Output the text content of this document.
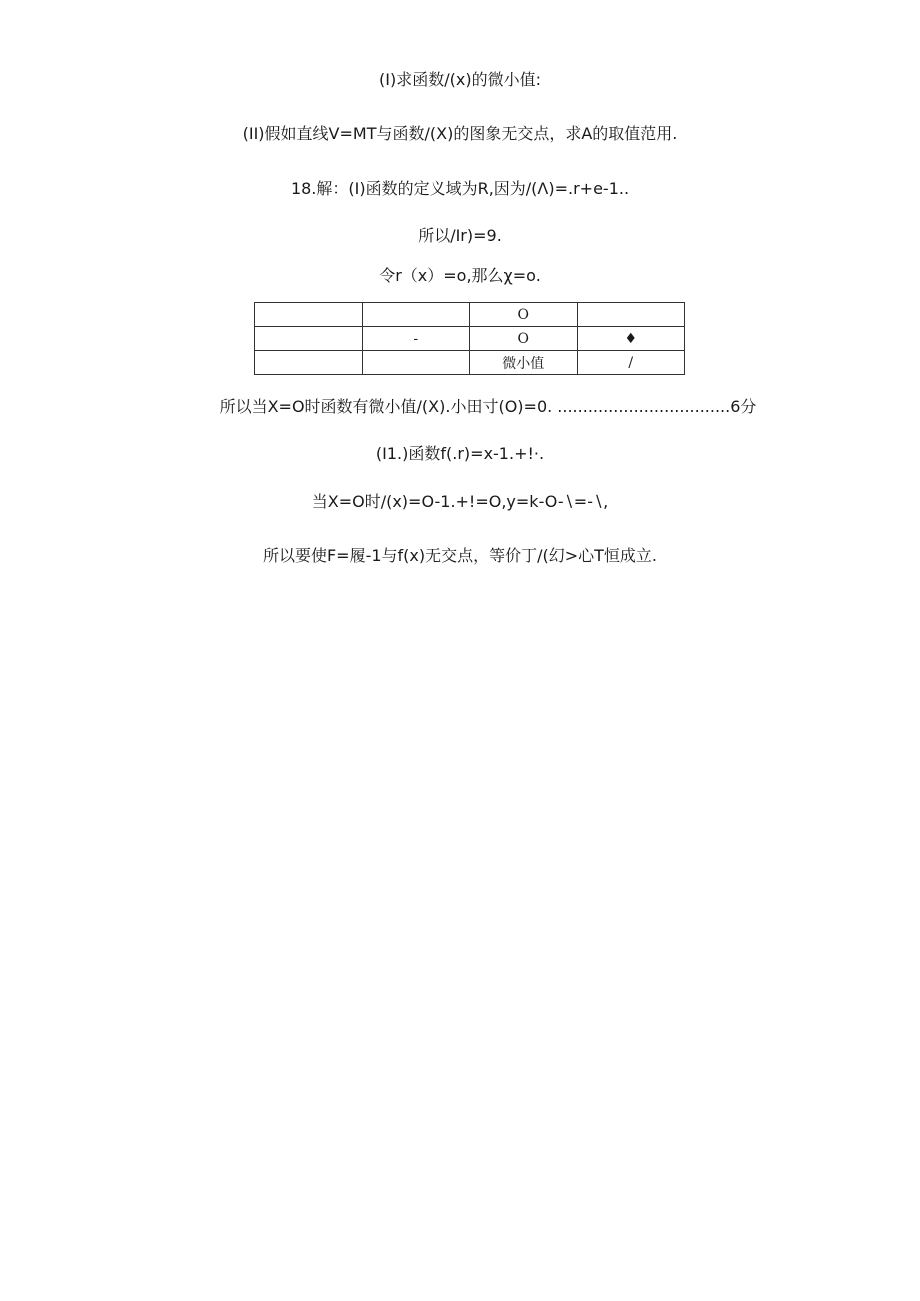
(I)求函数/(x)的微小值:
(II)假如直线V=MT与函数/(X)的图象无交点，求A的取值范用.
18.解：(I)函数的定义域为R,因为/(Λ)=.r+e-1..
所以/Ir)=9.
令r（x）=o,那么χ=o.
		O	
	-	O	♦
		微小值	/
所以当X=O时函数有微小值/(X).小田寸(O)=0. ..................................6分
(I1.)函数f(.r)=x-1.+!·.
当X=O时/(x)=O-1.+!=O,y=k-O-∖=-∖,
所以要使F=履-1与f(x)无交点，等价丁/(幻>心T恒成立.
